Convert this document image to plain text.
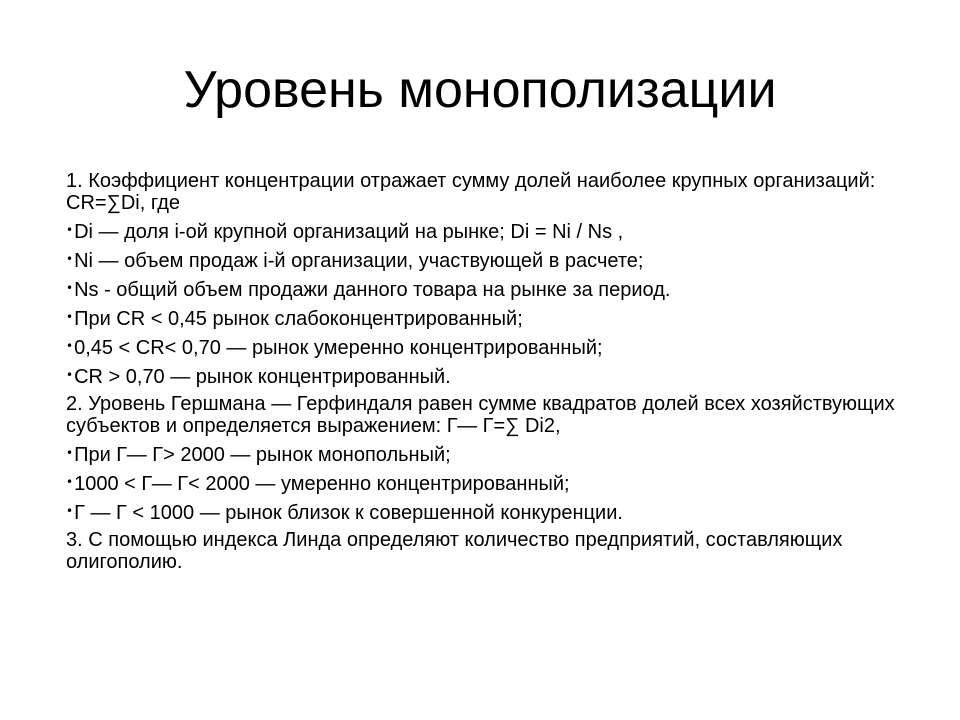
Уровень монополизации

1. Коэффициент концентрации отражает сумму долей наиболее крупных организаций: CR=∑Di, где

•Di — доля i-ой крупной организаций на рынке; Di = Ni / Ns ,

•Ni — объем продаж i-й организации, участвующей в расчете;

•Ns - общий объем продажи данного товара на рынке за период.

•При CR < 0,45 рынок слабоконцентрированный;

•0,45 < CR< 0,70 — рынок умеренно концентрированный;

•CR > 0,70 — рынок концентрированный.

2. Уровень Гершмана — Герфиндаля равен сумме квадратов долей всех хозяйствующих субъектов и определяется выражением: Г— Г=∑ Di2,

•При Г— Г> 2000 — рынок монопольный;

•1000 < Г— Г< 2000 — умеренно концентрированный;

•Г — Г < 1000 — рынок близок к совершенной конкуренции.

3. С помощью индекса Линда определяют количество предприятий, составляющих олигополию.
